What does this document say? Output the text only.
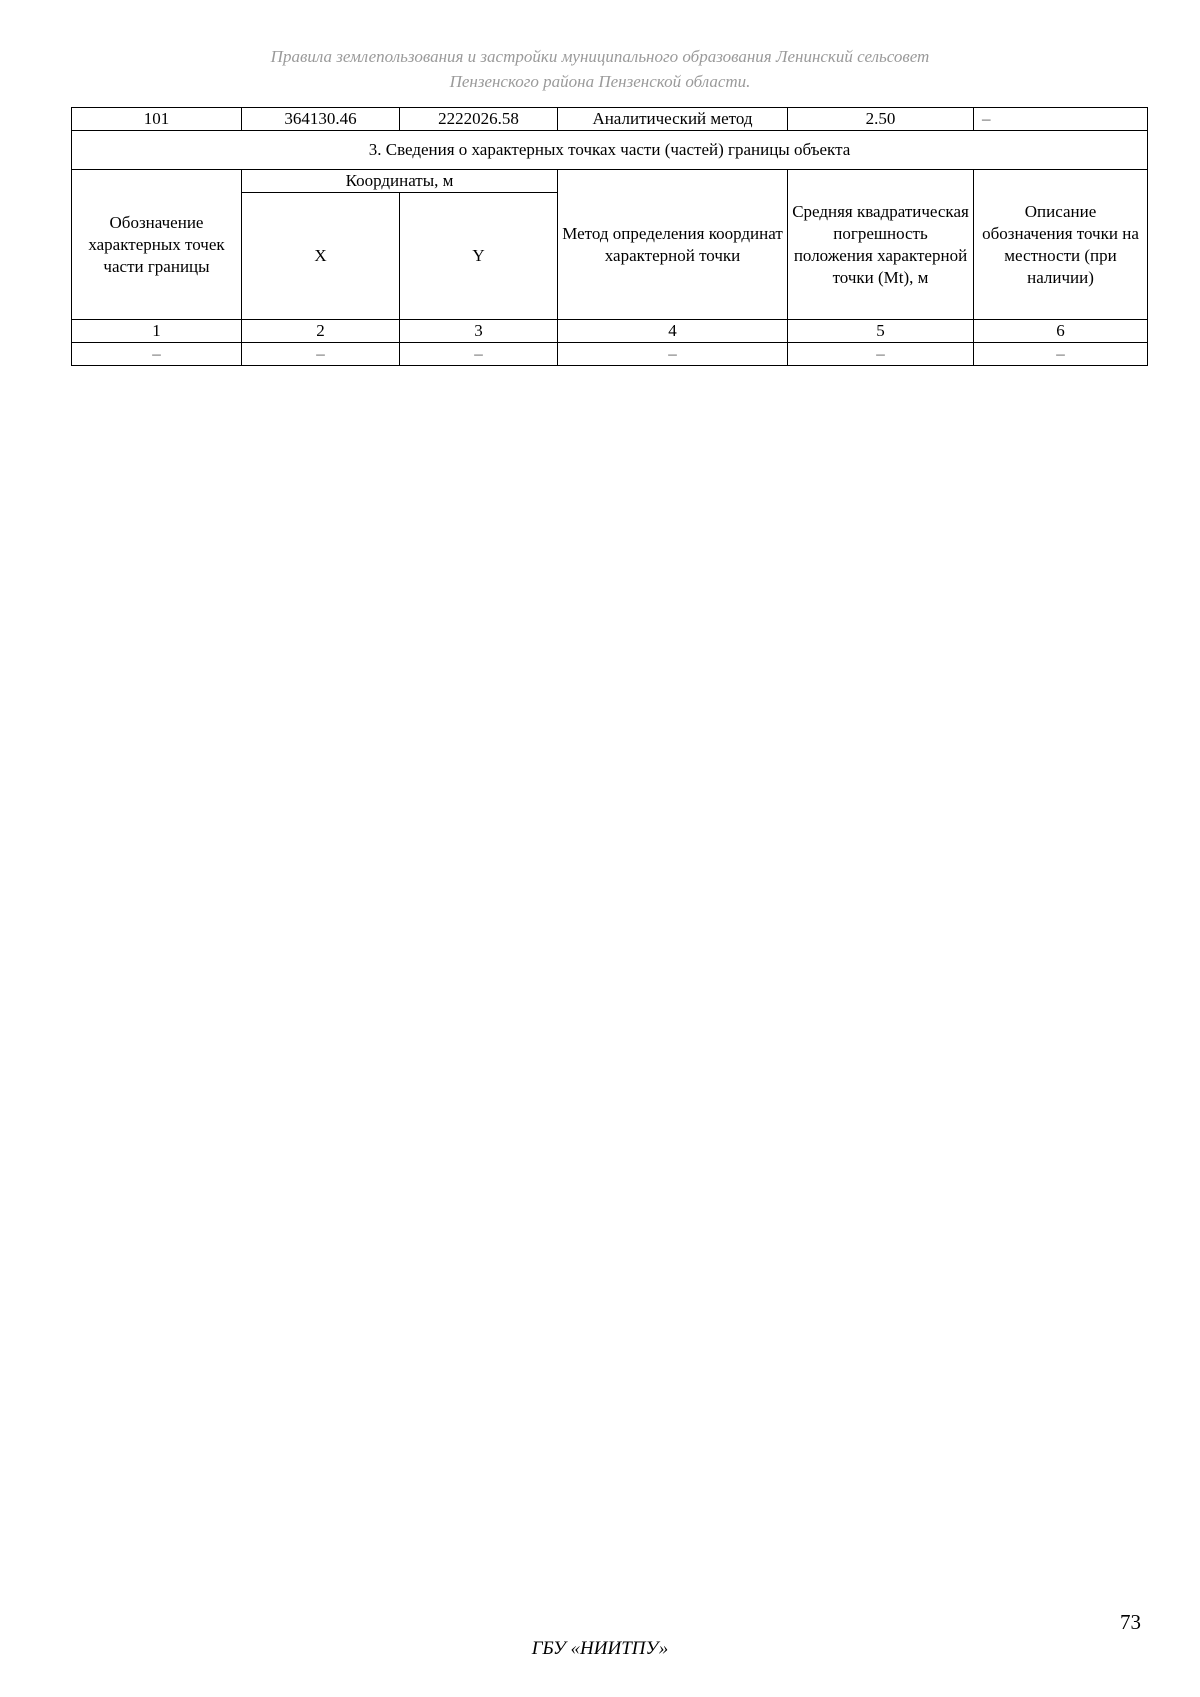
Правила землепользования и застройки муниципального образования Ленинский сельсовет
Пензенского района Пензенской области.
101	364130.46	2222026.58	Аналитический метод	2.50	–
3. Сведения о характерных точках части (частей) границы объекта					
Обозначение характерных точек части границы	Координаты, м		Метод определения координат характерной точки	Средняя квадратическая погрешность положения характерной точки (Mt), м	Описание обозначения точки на местности (при наличии)
	X	Y			
1	2	3	4	5	6
–	–	–	–	–	–
73
ГБУ «НИИТПУ»
